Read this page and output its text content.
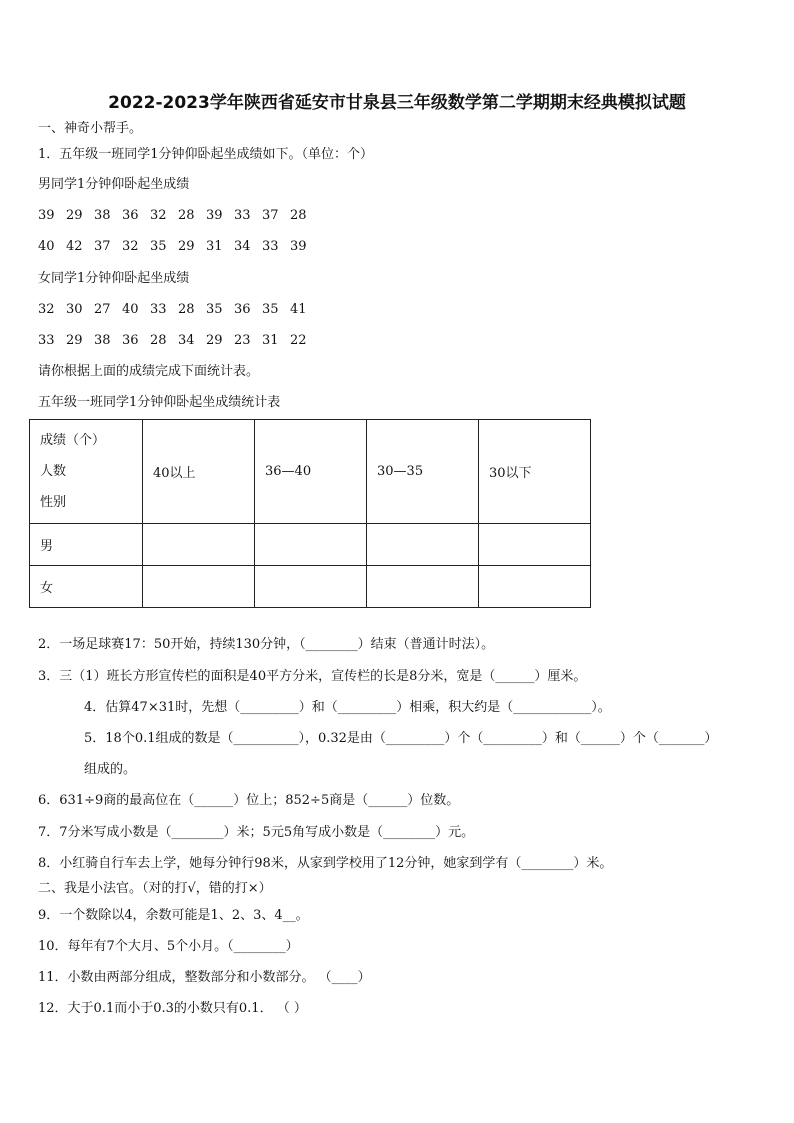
2022-2023学年陕西省延安市甘泉县三年级数学第二学期期末经典模拟试题
一、神奇小帮手。
1．五年级一班同学1分钟仰卧起坐成绩如下。（单位：个）
男同学1分钟仰卧起坐成绩
39 29 38 36 32 28 39 33 37 28
40 42 37 32 35 29 31 34 33 39
女同学1分钟仰卧起坐成绩
32 30 27 40 33 28 35 36 35 41
33 29 38 36 28 34 29 23 31 22
请你根据上面的成绩完成下面统计表。
五年级一班同学1分钟仰卧起坐成绩统计表
成绩（个）
人数
性别	40以上	36—40	30—35	30以下
男				
女				
2．一场足球赛17：50开始，持续130分钟，（________）结束（普通计时法）。
3．三（1）班长方形宣传栏的面积是40平方分米，宣传栏的长是8分米，宽是（______）厘米。
4．估算47×31时，先想（_________）和（_________）相乘，积大约是（____________）。
5．18个0.1组成的数是（__________），0.32是由（_________）个（_________）和（______）个（_______）
组成的。
6．631÷9商的最高位在（______）位上；852÷5商是（______）位数。
7．7分米写成小数是（________）米；5元5角写成小数是（________）元。
8．小红骑自行车去上学，她每分钟行98米，从家到学校用了12分钟，她家到学有（________）米。
二、我是小法官。（对的打√，错的打×）
9．一个数除以4，余数可能是1、2、3、4__。
10．每年有7个大月、5个小月。（________）
11．小数由两部分组成，整数部分和小数部分。 （____）
12．大于0.1而小于0.3的小数只有0.1． （ ）
